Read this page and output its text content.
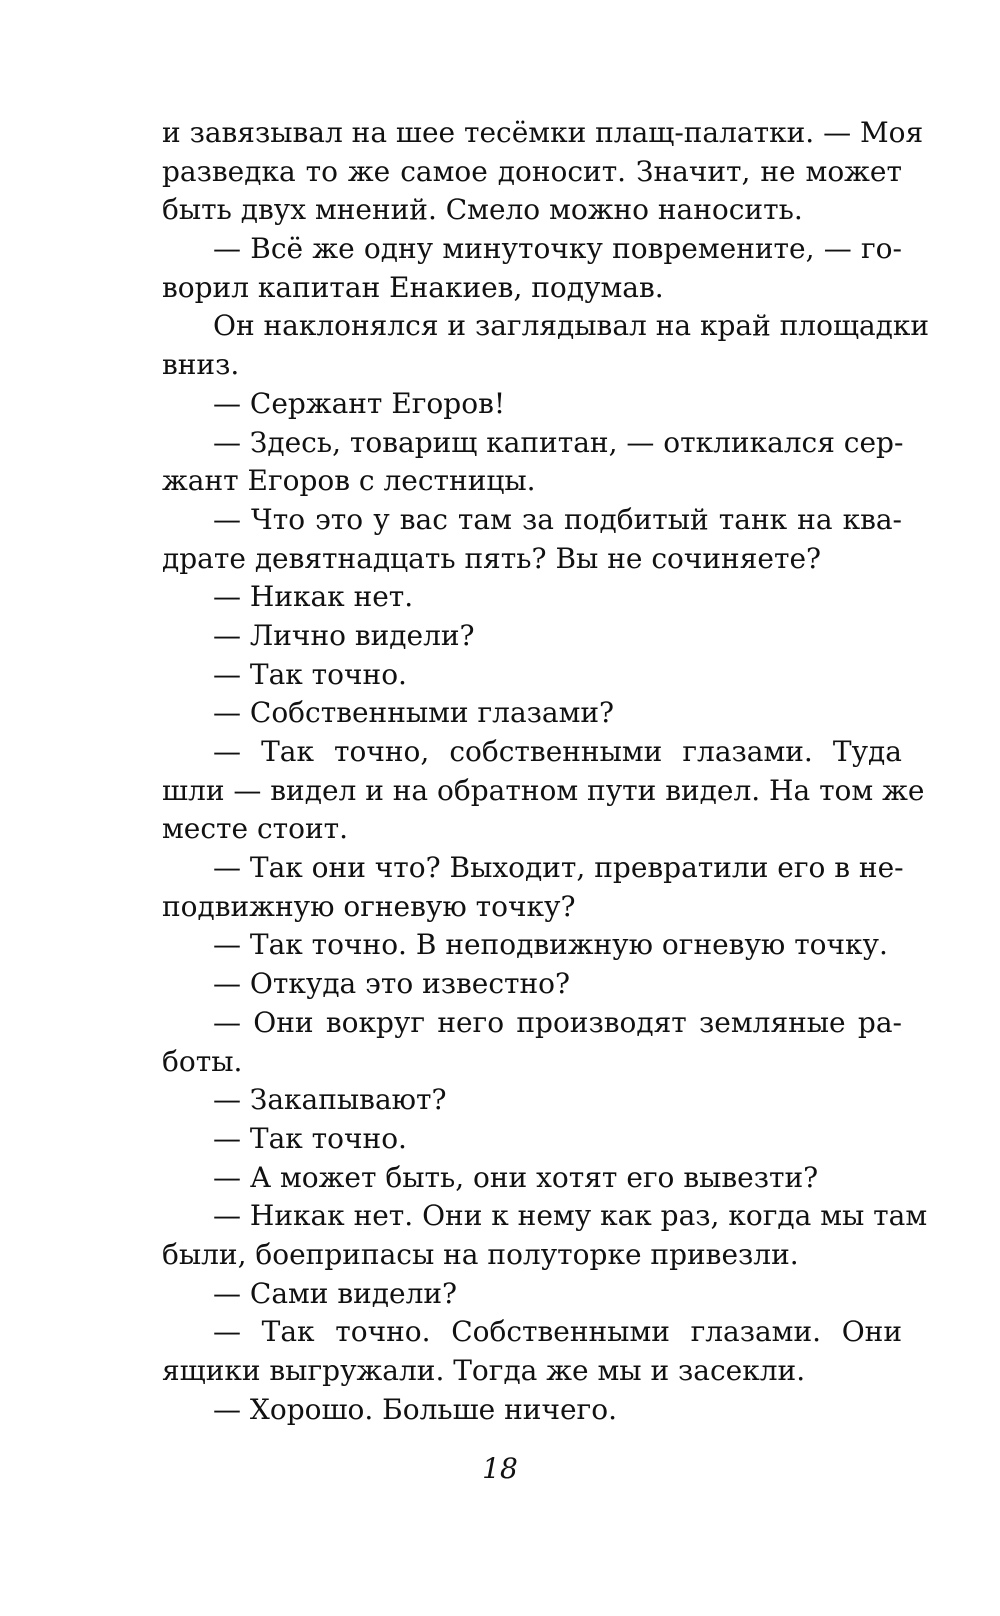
и завязывал на шее тесёмки плащ-палатки. — Моя
разведка то же самое доносит. Значит, не может
быть двух мнений. Смело можно наносить.
— Всё же одну минуточку повремените, — го-
ворил капитан Енакиев, подумав.
Он наклонялся и заглядывал на край площадки
вниз.
— Сержант Егоров!
— Здесь, товарищ капитан, — откликался сер-
жант Егоров с лестницы.
— Что это у вас там за подбитый танк на ква-
драте девятнадцать пять? Вы не сочиняете?
— Никак нет.
— Лично видели?
— Так точно.
— Собственными глазами?
— Так точно, собственными глазами. Туда
шли — видел и на обратном пути видел. На том же
месте стоит.
— Так они что? Выходит, превратили его в не-
подвижную огневую точку?
— Так точно. В неподвижную огневую точку.
— Откуда это известно?
— Они вокруг него производят земляные ра-
боты.
— Закапывают?
— Так точно.
— А может быть, они хотят его вывезти?
— Никак нет. Они к нему как раз, когда мы там
были, боеприпасы на полуторке привезли.
— Сами видели?
— Так точно. Собственными глазами. Они
ящики выгружали. Тогда же мы и засекли.
— Хорошо. Больше ничего.
18
